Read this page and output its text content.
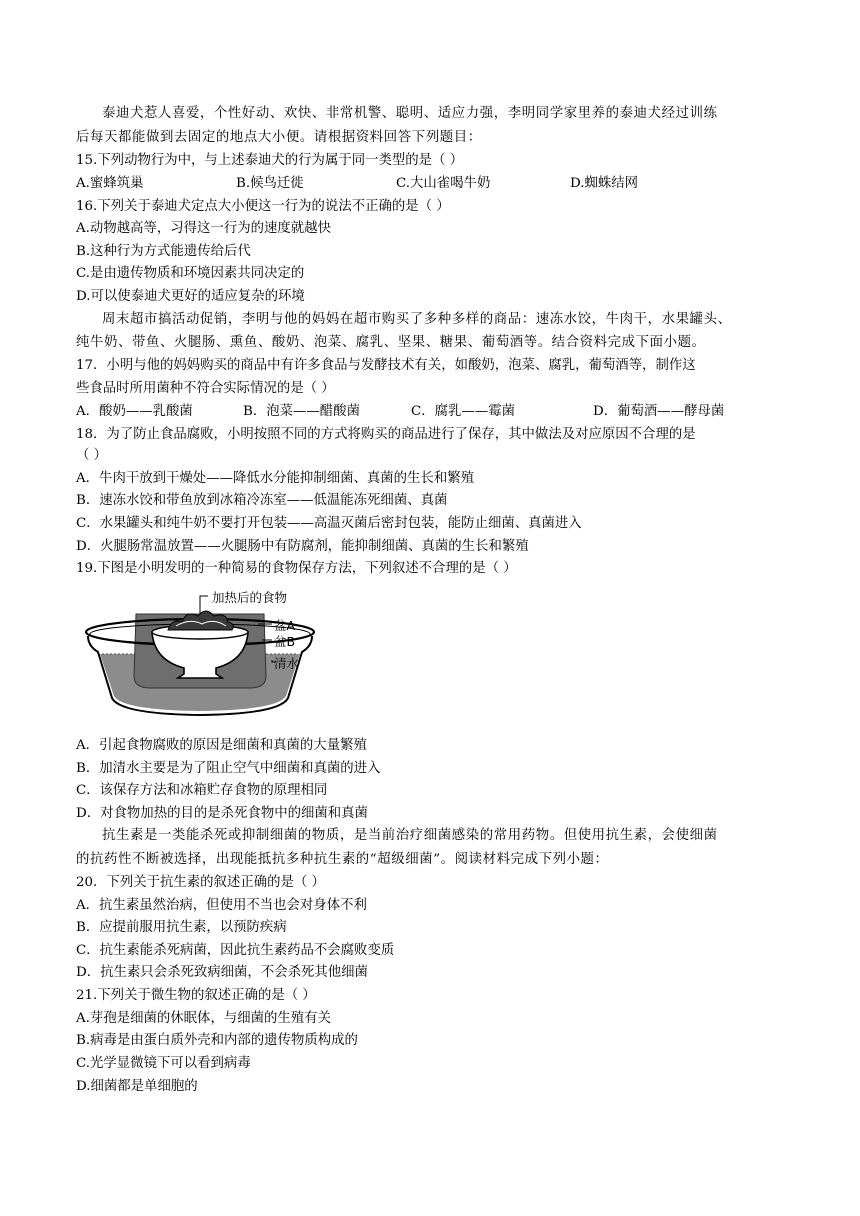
泰迪犬惹人喜爱，个性好动、欢快、非常机警、聪明、适应力强，李明同学家里养的泰迪犬经过训练
后每天都能做到去固定的地点大小便。请根据资料回答下列题目：
15.下列动物行为中，与上述泰迪犬的行为属于同一类型的是（ ）
A.蜜蜂筑巢	B.候鸟迁徙	C.大山雀喝牛奶	D.蜘蛛结网
16.下列关于泰迪犬定点大小便这一行为的说法不正确的是（ ）
A.动物越高等，习得这一行为的速度就越快
B.这种行为方式能遗传给后代
C.是由遗传物质和环境因素共同决定的
D.可以使泰迪犬更好的适应复杂的环境
周末超市搞活动促销，李明与他的妈妈在超市购买了多种多样的商品：速冻水饺，牛肉干，水果罐头、
纯牛奶、带鱼、火腿肠、熏鱼、酸奶、泡菜、腐乳、坚果、糖果、葡萄酒等。结合资料完成下面小题。
17．小明与他的妈妈购买的商品中有许多食品与发酵技术有关，如酸奶，泡菜、腐乳，葡萄酒等，制作这
些食品时所用菌种不符合实际情况的是（ ）
A．酸奶——乳酸菌	B．泡菜——醋酸菌	C．腐乳——霉菌	D．葡萄酒——酵母菌
18．为了防止食品腐败，小明按照不同的方式将购买的商品进行了保存，其中做法及对应原因不合理的是
（ ）
A．牛肉干放到干燥处——降低水分能抑制细菌、真菌的生长和繁殖
B．速冻水饺和带鱼放到冰箱冷冻室——低温能冻死细菌、真菌
C．水果罐头和纯牛奶不要打开包装——高温灭菌后密封包装，能防止细菌、真菌进入
D．火腿肠常温放置——火腿肠中有防腐剂，能抑制细菌、真菌的生长和繁殖
19.下图是小明发明的一种简易的食物保存方法，下列叙述不合理的是（ ）
加热后的食物
盆A
盆B
清水
A．引起食物腐败的原因是细菌和真菌的大量繁殖
B．加清水主要是为了阻止空气中细菌和真菌的进入
C．该保存方法和冰箱贮存食物的原理相同
D．对食物加热的目的是杀死食物中的细菌和真菌
抗生素是一类能杀死或抑制细菌的物质，是当前治疗细菌感染的常用药物。但使用抗生素，会使细菌
的抗药性不断被选择，出现能抵抗多种抗生素的“超级细菌”。阅读材料完成下列小题：
20．下列关于抗生素的叙述正确的是（ ）
A．抗生素虽然治病，但使用不当也会对身体不利
B．应提前服用抗生素，以预防疾病
C．抗生素能杀死病菌，因此抗生素药品不会腐败变质
D．抗生素只会杀死致病细菌，不会杀死其他细菌
21.下列关于微生物的叙述正确的是（ ）
A.芽孢是细菌的休眠体，与细菌的生殖有关
B.病毒是由蛋白质外壳和内部的遗传物质构成的
C.光学显微镜下可以看到病毒
D.细菌都是单细胞的
